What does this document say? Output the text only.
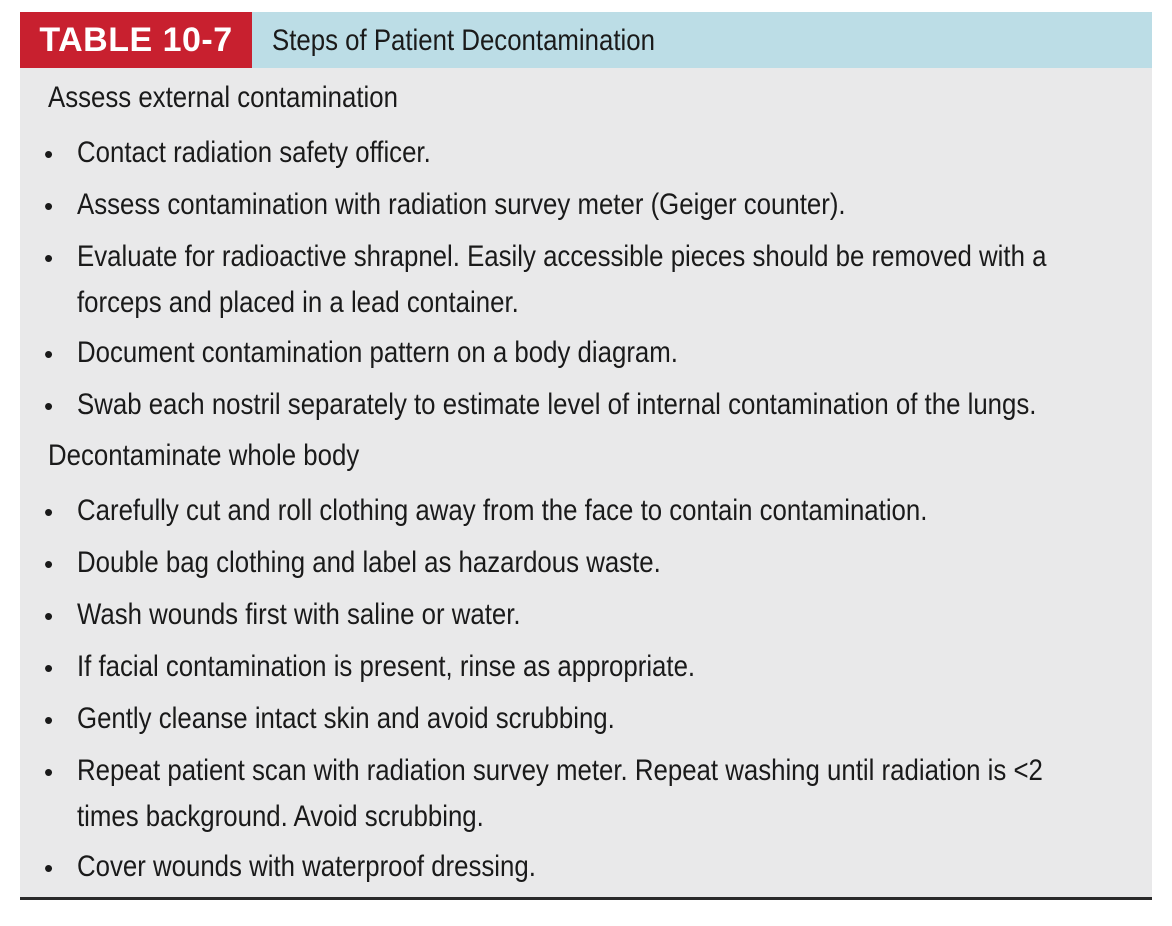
TABLE 10-7	Steps of Patient Decontamination
Assess external contamination
• Contact radiation safety officer.
• Assess contamination with radiation survey meter (Geiger counter).
• Evaluate for radioactive shrapnel. Easily accessible pieces should be removed with a
forceps and placed in a lead container.
• Document contamination pattern on a body diagram.
• Swab each nostril separately to estimate level of internal contamination of the lungs.
Decontaminate whole body
• Carefully cut and roll clothing away from the face to contain contamination.
• Double bag clothing and label as hazardous waste.
• Wash wounds first with saline or water.
• If facial contamination is present, rinse as appropriate.
• Gently cleanse intact skin and avoid scrubbing.
• Repeat patient scan with radiation survey meter. Repeat washing until radiation is <2
times background. Avoid scrubbing.
• Cover wounds with waterproof dressing.
